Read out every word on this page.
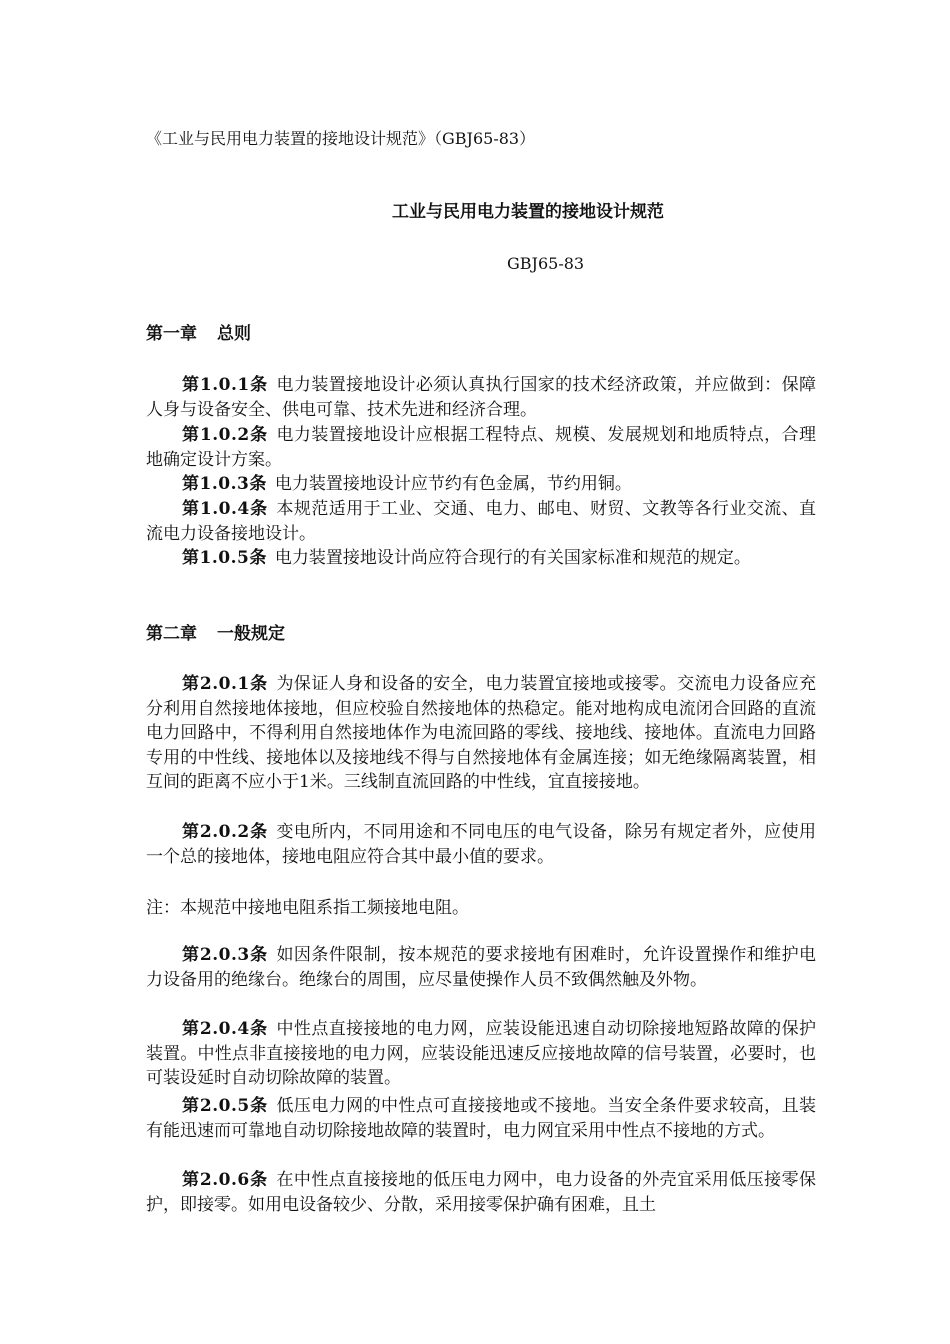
《工业与民用电力装置的接地设计规范》（GBJ65-83）
工业与民用电力装置的接地设计规范
GBJ65-83
第一章 总则

第1.0.1条 电力装置接地设计必须认真执行国家的技术经济政策，并应做到：保障人身与设备安全、供电可靠、技术先进和经济合理。

第1.0.2条 电力装置接地设计应根据工程特点、规模、发展规划和地质特点，合理地确定设计方案。

第1.0.3条 电力装置接地设计应节约有色金属，节约用铜。

第1.0.4条 本规范适用于工业、交通、电力、邮电、财贸、文教等各行业交流、直流电力设备接地设计。

第1.0.5条 电力装置接地设计尚应符合现行的有关国家标准和规范的规定。

第二章 一般规定

第2.0.1条 为保证人身和设备的安全，电力装置宜接地或接零。交流电力设备应充分利用自然接地体接地，但应校验自然接地体的热稳定。能对地构成电流闭合回路的直流电力回路中，不得利用自然接地体作为电流回路的零线、接地线、接地体。直流电力回路专用的中性线、接地体以及接地线不得与自然接地体有金属连接；如无绝缘隔离装置，相互间的距离不应小于1米。三线制直流回路的中性线，宜直接接地。

第2.0.2条 变电所内，不同用途和不同电压的电气设备，除另有规定者外，应使用一个总的接地体，接地电阻应符合其中最小值的要求。

注：本规范中接地电阻系指工频接地电阻。

第2.0.3条 如因条件限制，按本规范的要求接地有困难时，允许设置操作和维护电力设备用的绝缘台。绝缘台的周围，应尽量使操作人员不致偶然触及外物。

第2.0.4条 中性点直接接地的电力网，应装设能迅速自动切除接地短路故障的保护装置。中性点非直接接地的电力网，应装设能迅速反应接地故障的信号装置，必要时，也可装设延时自动切除故障的装置。

第2.0.5条 低压电力网的中性点可直接接地或不接地。当安全条件要求较高，且装有能迅速而可靠地自动切除接地故障的装置时，电力网宜采用中性点不接地的方式。

第2.0.6条 在中性点直接接地的低压电力网中，电力设备的外壳宜采用低压接零保护，即接零。如用电设备较少、分散，采用接零保护确有困难，且土
